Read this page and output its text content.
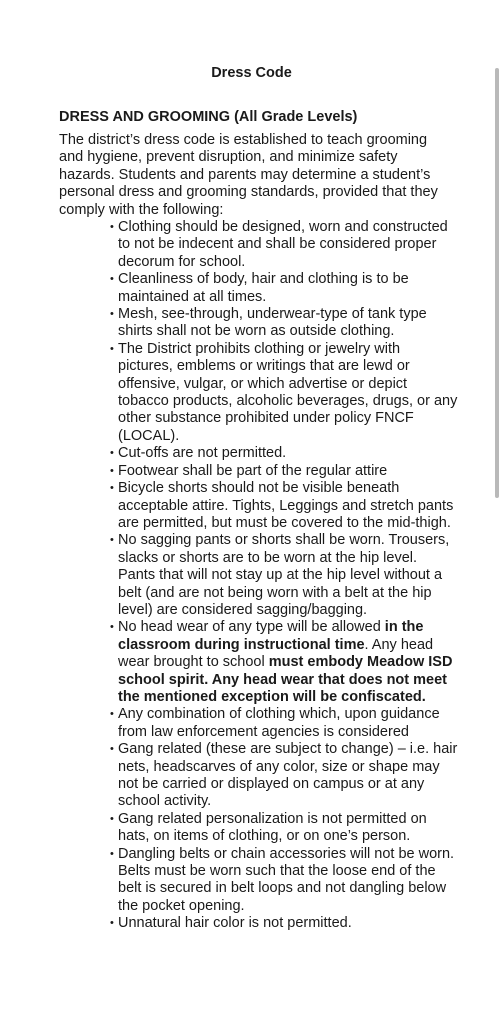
Dress Code
DRESS AND GROOMING (All Grade Levels)
The district’s dress code is established to teach grooming and hygiene, prevent disruption, and minimize safety hazards. Students and parents may determine a student’s personal dress and grooming standards, provided that they comply with the following:
• Clothing should be designed, worn and constructed to not be indecent and shall be considered proper decorum for school.
• Cleanliness of body, hair and clothing is to be maintained at all times.
• Mesh, see-through, underwear-type of tank type shirts shall not be worn as outside clothing.
• The District prohibits clothing or jewelry with pictures, emblems or writings that are lewd or offensive, vulgar, or which advertise or depict tobacco products, alcoholic beverages, drugs, or any other substance prohibited under policy FNCF (LOCAL).
• Cut-offs are not permitted.
• Footwear shall be part of the regular attire
• Bicycle shorts should not be visible beneath acceptable attire. Tights, Leggings and stretch pants are permitted, but must be covered to the mid-thigh.
• No sagging pants or shorts shall be worn. Trousers, slacks or shorts are to be worn at the hip level. Pants that will not stay up at the hip level without a belt (and are not being worn with a belt at the hip level) are considered sagging/bagging.
• No head wear of any type will be allowed in the classroom during instructional time. Any head wear brought to school must embody Meadow ISD school spirit. Any head wear that does not meet the mentioned exception will be confiscated.
• Any combination of clothing which, upon guidance from law enforcement agencies is considered
• Gang related (these are subject to change) – i.e. hair nets, headscarves of any color, size or shape may not be carried or displayed on campus or at any school activity.
• Gang related personalization is not permitted on hats, on items of clothing, or on one’s person.
• Dangling belts or chain accessories will not be worn. Belts must be worn such that the loose end of the belt is secured in belt loops and not dangling below the pocket opening.
• Unnatural hair color is not permitted.
